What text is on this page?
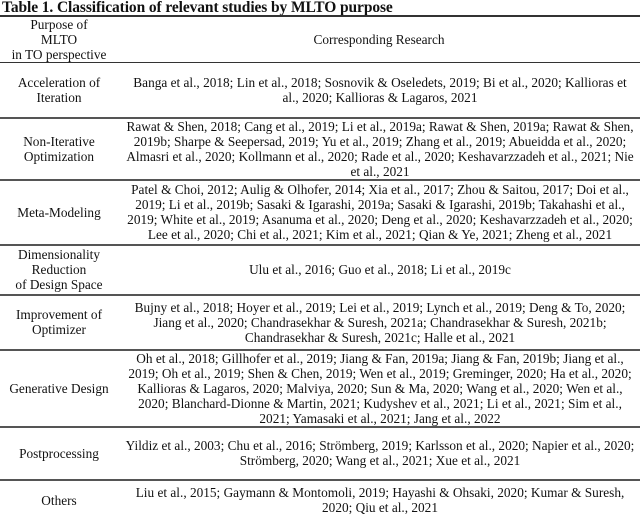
Table 1. Classification of relevant studies by MLTO purpose
Purpose of
MLTO
in TO perspective	Corresponding Research
Acceleration of Iteration	Banga et al., 2018; Lin et al., 2018; Sosnovik & Oseledets, 2019; Bi et al., 2020; Kallioras et al., 2020; Kallioras & Lagaros, 2021
Non-Iterative Optimization	Rawat & Shen, 2018; Cang et al., 2019; Li et al., 2019a; Rawat & Shen, 2019a; Rawat & Shen, 2019b; Sharpe & Seepersad, 2019; Yu et al., 2019; Zhang et al., 2019; Abueidda et al., 2020; Almasri et al., 2020; Kollmann et al., 2020; Rade et al., 2020; Keshavarzzadeh et al., 2021; Nie et al., 2021
Meta-Modeling	Patel & Choi, 2012; Aulig & Olhofer, 2014; Xia et al., 2017; Zhou & Saitou, 2017; Doi et al., 2019; Li et al., 2019b; Sasaki & Igarashi, 2019a; Sasaki & Igarashi, 2019b; Takahashi et al., 2019; White et al., 2019; Asanuma et al., 2020; Deng et al., 2020; Keshavarzzadeh et al., 2020; Lee et al., 2020; Chi et al., 2021; Kim et al., 2021; Qian & Ye, 2021; Zheng et al., 2021

Dimensionality
Reduction
of Design Space	Ulu et al., 2016; Guo et al., 2018; Li et al., 2019c
Improvement of Optimizer	Bujny et al., 2018; Hoyer et al., 2019; Lei et al., 2019; Lynch et al., 2019; Deng & To, 2020; Jiang et al., 2020; Chandrasekhar & Suresh, 2021a; Chandrasekhar & Suresh, 2021b; Chandrasekhar & Suresh, 2021c; Halle et al., 2021
Generative Design	Oh et al., 2018; Gillhofer et al., 2019; Jiang & Fan, 2019a; Jiang & Fan, 2019b; Jiang et al., 2019; Oh et al., 2019; Shen & Chen, 2019; Wen et al., 2019; Greminger, 2020; Ha et al., 2020; Kallioras & Lagaros, 2020; Malviya, 2020; Sun & Ma, 2020; Wang et al., 2020; Wen et al., 2020; Blanchard-Dionne & Martin, 2021; Kudyshev et al., 2021; Li et al., 2021; Sim et al., 2021; Yamasaki et al., 2021; Jang et al., 2022
Postprocessing	Yildiz et al., 2003; Chu et al., 2016; Strömberg, 2019; Karlsson et al., 2020; Napier et al., 2020; Strömberg, 2020; Wang et al., 2021; Xue et al., 2021
Others	Liu et al., 2015; Gaymann & Montomoli, 2019; Hayashi & Ohsaki, 2020; Kumar & Suresh, 2020; Qiu et al., 2021
